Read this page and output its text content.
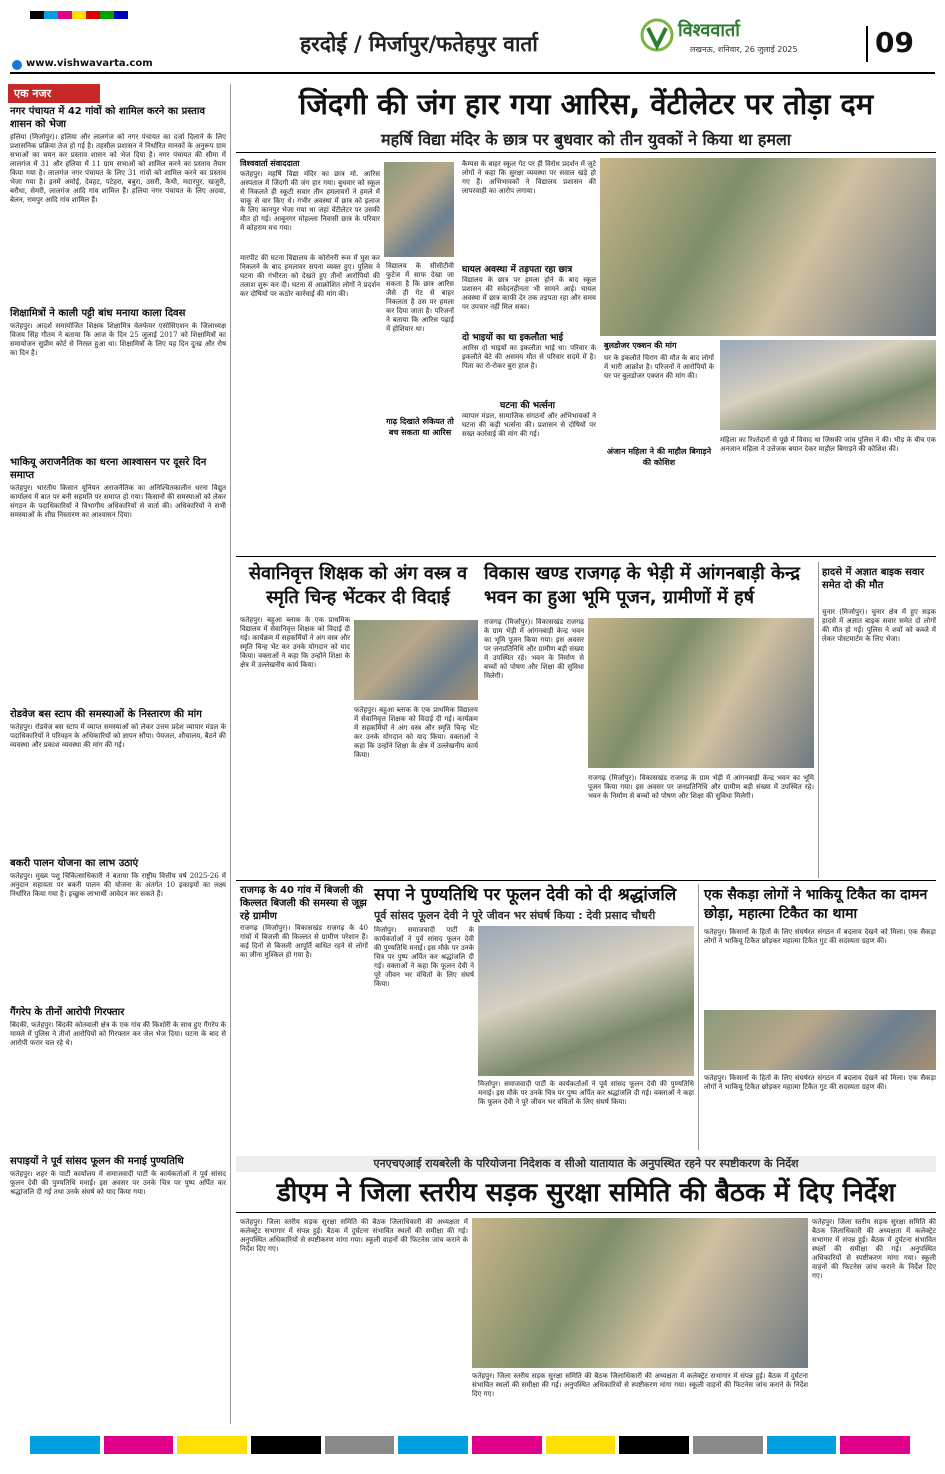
हरदोई / मिर्जापुर/फतेहपुर वार्ता
विश्ववार्ता
लखनऊ, शनिवार, 26 जुलाई 2025	09
www.vishwavarta.com
एक नजर
नगर पंचायत में 42 गांवों को शामिल करने का प्रस्ताव शासन को भेजा
हलिया (मिर्जापुर)। हलिया और लालगंज को नगर पंचायत का दर्जा दिलाने के लिए प्रशासनिक प्रक्रिया तेज हो गई है। तहसील प्रशासन ने निर्धारित मानकों के अनुरूप ग्राम सभाओं का चयन कर प्रस्ताव शासन को भेज दिया है। नगर पंचायत की सीमा में लालगंज में 31 और हलिया में 11 ग्राम सभाओं को शामिल करने का प्रस्ताव तैयार किया गया है। लालगंज नगर पंचायत के लिए 31 गांवों को शामिल करने का प्रस्ताव भेजा गया है। इनमें अमोई, देवहट, पटेहरा, बबुरा, उसरी, कैथी, मदारपुर, खजुरी, बरौधा, सेमरी, लालगंज आदि गांव शामिल हैं। हलिया नगर पंचायत के लिए अदवा, बेलन, रामपुर आदि गांव शामिल हैं।
शिक्षामित्रों ने काली पट्टी बांध मनाया काला दिवस
फतेहपुर। आदर्श समायोजित शिक्षक शिक्षामित्र वेलफेयर एसोसिएशन के जिलाध्यक्ष विजय सिंह गौतम ने बताया कि आज के दिन 25 जुलाई 2017 को शिक्षामित्रों का समायोजन सुप्रीम कोर्ट से निरस्त हुआ था। शिक्षामित्रों के लिए यह दिन दुःख और रोष का दिन है।
भाकियू अराजनैतिक का धरना आश्वासन पर दूसरे दिन समाप्त
फतेहपुर। भारतीय किसान यूनियन अराजनैतिक का अनिश्चितकालीन धरना विद्युत कार्यालय में बात पर बनी सहमति पर समाप्त हो गया। किसानों की समस्याओं को लेकर संगठन के पदाधिकारियों ने विभागीय अधिकारियों से वार्ता की। अधिकारियों ने सभी समस्याओं के शीघ्र निस्तारण का आश्वासन दिया।
रोडवेज बस स्टाप की समस्याओं के निस्तारण की मांग
फतेहपुर। रोडवेज बस स्टाप में व्याप्त समस्याओं को लेकर उत्तम प्रदेश व्यापार मंडल के पदाधिकारियों ने परिवहन के अधिकारियों को ज्ञापन सौंपा। पेयजल, शौचालय, बैठने की व्यवस्था और प्रकाश व्यवस्था की मांग की गई।
बकरी पालन योजना का लाभ उठाएं
फतेहपुर। मुख्य पशु चिकित्साधिकारी ने बताया कि राष्ट्रीय वित्तीय वर्ष 2025-26 में अनुदान सहायता पर बकरी पालन की योजना के अंतर्गत 10 इकाइयों का लक्ष्य निर्धारित किया गया है। इच्छुक लाभार्थी आवेदन कर सकते हैं।
गैंगरेप के तीनों आरोपी गिरफ्तार
बिंदकी, फतेहपुर। बिंदकी कोतवाली क्षेत्र के एक गांव की किशोरी के साथ हुए गैंगरेप के मामले में पुलिस ने तीनों आरोपियों को गिरफ्तार कर जेल भेज दिया। घटना के बाद से आरोपी फरार चल रहे थे।
सपाइयों ने पूर्व सांसद फूलन की मनाई पुण्यतिथि
फतेहपुर। शहर के पार्टी कार्यालय में समाजवादी पार्टी के कार्यकर्ताओं ने पूर्व सांसद फूलन देवी की पुण्यतिथि मनाई। इस अवसर पर उनके चित्र पर पुष्प अर्पित कर श्रद्धांजलि दी गई तथा उनके संघर्ष को याद किया गया।
जिंदगी की जंग हार गया आरिस, वेंटीलेटर पर तोड़ा दम
महर्षि विद्या मंदिर के छात्र पर बुधवार को तीन युवकों ने किया था हमला
विश्ववार्ता संवाददाता
फतेहपुर। महर्षि विद्या मंदिर का छात्र मो. आरिस अस्पताल में जिंदगी की जंग हार गया। बुधवार को स्कूल से निकलते ही स्कूटी सवार तीन हमलावरों ने हमले में चाकू से वार किए थे। गंभीर अवस्था में छात्र को इलाज के लिए कानपुर भेजा गया था जहां वेंटीलेटर पर उसकी मौत हो गई। आबूनगर मोहल्ला निवासी छात्र के परिवार में कोहराम मच गया।
मारपीट की घटना विद्यालय के कोरोनरी रूम में घुस कर निकलने के बाद हमलावर सपना व्यक्त हुए। पुलिस ने घटना की गंभीरता को देखते हुए तीनों आरोपियों की तलाश शुरू कर दी। घटना से आक्रोशित लोगों ने प्रदर्शन कर दोषियों पर कठोर कार्रवाई की मांग की।
विद्यालय के सीसीटीवी फुटेज में साफ देखा जा सकता है कि छात्र आरिस जैसे ही गेट से बाहर निकलता है उस पर हमला कर दिया जाता है। परिजनों ने बताया कि आरिस पढ़ाई में होशियार था।
गाढ़ दिखाते रुकियत तो बच सकता था आरिस
कैम्पस के बाहर स्कूल गेट पर ही विरोध प्रदर्शन में जुटे लोगों ने कहा कि सुरक्षा व्यवस्था पर सवाल खड़े हो गए हैं। अभिभावकों ने विद्यालय प्रशासन की लापरवाही का आरोप लगाया।
घायल अवस्था में तड़पता रहा छात्र
विद्यालय के छात्र पर हमला होने के बाद स्कूल प्रशासन की संवेदनहीनता भी सामने आई। घायल अवस्था में छात्र काफी देर तक तड़पता रहा और समय पर उपचार नहीं मिल सका।
दो भाइयों का था इकलौता भाई
आरिस दो भाइयों का इकलौता भाई था। परिवार के इकलौते बेटे की असमय मौत से परिवार सदमे में है। पिता का रो-रोकर बुरा हाल है।
घटना की भर्त्सना
व्यापार मंडल, सामाजिक संगठनों और अभिभावकों ने घटना की कड़ी भर्त्सना की। प्रशासन से दोषियों पर सख्त कार्रवाई की मांग की गई।
बुलडोजर एक्शन की मांग
घर के इकलौते चिराग की मौत के बाद लोगों में भारी आक्रोश है। परिजनों ने आरोपियों के घर पर बुलडोजर एक्शन की मांग की।
अंजान महिला ने की माहौल बिगाड़ने की कोशिश
महिला का रिश्तेदारों से पूछे में विवाद था जिसकी जांच पुलिस ने की। भीड़ के बीच एक अनजान महिला ने उत्तेजक बयान देकर माहौल बिगाड़ने की कोशिश की।
सेवानिवृत्त शिक्षक को अंग वस्त्र व स्मृति चिन्ह भेंटकर दी विदाई
फतेहपुर। बहुआ ब्लाक के एक प्राथमिक विद्यालय में सेवानिवृत्त शिक्षक को विदाई दी गई। कार्यक्रम में सहकर्मियों ने अंग वस्त्र और स्मृति चिन्ह भेंट कर उनके योगदान को याद किया। वक्ताओं ने कहा कि उन्होंने शिक्षा के क्षेत्र में उल्लेखनीय कार्य किया।
फतेहपुर। बहुआ ब्लाक के एक प्राथमिक विद्यालय में सेवानिवृत्त शिक्षक को विदाई दी गई। कार्यक्रम में सहकर्मियों ने अंग वस्त्र और स्मृति चिन्ह भेंट कर उनके योगदान को याद किया। वक्ताओं ने कहा कि उन्होंने शिक्षा के क्षेत्र में उल्लेखनीय कार्य किया।
विकास खण्ड राजगढ़ के भेड़ी में आंगनबाड़ी केन्द्र भवन का हुआ भूमि पूजन, ग्रामीणों में हर्ष
राजगढ़ (मिर्जापुर)। विकासखंड राजगढ़ के ग्राम भेड़ी में आंगनबाड़ी केन्द्र भवन का भूमि पूजन किया गया। इस अवसर पर जनप्रतिनिधि और ग्रामीण बड़ी संख्या में उपस्थित रहे। भवन के निर्माण से बच्चों को पोषण और शिक्षा की सुविधा मिलेगी।
राजगढ़ (मिर्जापुर)। विकासखंड राजगढ़ के ग्राम भेड़ी में आंगनबाड़ी केन्द्र भवन का भूमि पूजन किया गया। इस अवसर पर जनप्रतिनिधि और ग्रामीण बड़ी संख्या में उपस्थित रहे। भवन के निर्माण से बच्चों को पोषण और शिक्षा की सुविधा मिलेगी।
हादसे में अज्ञात बाइक सवार समेत दो की मौत
चुनार (मिर्जापुर)। चुनार क्षेत्र में हुए सड़क हादसे में अज्ञात बाइक सवार समेत दो लोगों की मौत हो गई। पुलिस ने शवों को कब्जे में लेकर पोस्टमार्टम के लिए भेजा।
राजगढ़ के 40 गांव में बिजली की किल्लत बिजली की समस्या से जूझ रहे ग्रामीण
राजगढ़ (मिर्जापुर)। विकासखंड राजगढ़ के 40 गांवों में बिजली की किल्लत से ग्रामीण परेशान हैं। कई दिनों से बिजली आपूर्ति बाधित रहने से लोगों का जीना मुश्किल हो गया है।
सपा ने पुण्यतिथि पर फूलन देवी को दी श्रद्धांजलि
पूर्व सांसद फूलन देवी ने पूरे जीवन भर संघर्ष किया : देवी प्रसाद चौधरी
मिर्जापुर। समाजवादी पार्टी के कार्यकर्ताओं ने पूर्व सांसद फूलन देवी की पुण्यतिथि मनाई। इस मौके पर उनके चित्र पर पुष्प अर्पित कर श्रद्धांजलि दी गई। वक्ताओं ने कहा कि फूलन देवी ने पूरे जीवन भर वंचितों के लिए संघर्ष किया।
मिर्जापुर। समाजवादी पार्टी के कार्यकर्ताओं ने पूर्व सांसद फूलन देवी की पुण्यतिथि मनाई। इस मौके पर उनके चित्र पर पुष्प अर्पित कर श्रद्धांजलि दी गई। वक्ताओं ने कहा कि फूलन देवी ने पूरे जीवन भर वंचितों के लिए संघर्ष किया।
एक सैकड़ा लोगों ने भाकियू टिकैत का दामन छोड़ा, महात्मा टिकैत का थामा
फतेहपुर। किसानों के हितों के लिए संघर्षरत संगठन में बदलाव देखने को मिला। एक सैकड़ा लोगों ने भाकियू टिकैत छोड़कर महात्मा टिकैत गुट की सदस्यता ग्रहण की।
फतेहपुर। किसानों के हितों के लिए संघर्षरत संगठन में बदलाव देखने को मिला। एक सैकड़ा लोगों ने भाकियू टिकैत छोड़कर महात्मा टिकैत गुट की सदस्यता ग्रहण की।
एनएचएआई रायबरेली के परियोजना निदेशक व सीओ यातायात के अनुपस्थित रहने पर स्पष्टीकरण के निर्देश
डीएम ने जिला स्तरीय सड़क सुरक्षा समिति की बैठक में दिए निर्देश
फतेहपुर। जिला स्तरीय सड़क सुरक्षा समिति की बैठक जिलाधिकारी की अध्यक्षता में कलेक्ट्रेट सभागार में संपन्न हुई। बैठक में दुर्घटना संभावित स्थलों की समीक्षा की गई। अनुपस्थित अधिकारियों से स्पष्टीकरण मांगा गया। स्कूली वाहनों की फिटनेस जांच कराने के निर्देश दिए गए।
फतेहपुर। जिला स्तरीय सड़क सुरक्षा समिति की बैठक जिलाधिकारी की अध्यक्षता में कलेक्ट्रेट सभागार में संपन्न हुई। बैठक में दुर्घटना संभावित स्थलों की समीक्षा की गई। अनुपस्थित अधिकारियों से स्पष्टीकरण मांगा गया। स्कूली वाहनों की फिटनेस जांच कराने के निर्देश दिए गए।
फतेहपुर। जिला स्तरीय सड़क सुरक्षा समिति की बैठक जिलाधिकारी की अध्यक्षता में कलेक्ट्रेट सभागार में संपन्न हुई। बैठक में दुर्घटना संभावित स्थलों की समीक्षा की गई। अनुपस्थित अधिकारियों से स्पष्टीकरण मांगा गया। स्कूली वाहनों की फिटनेस जांच कराने के निर्देश दिए गए।
